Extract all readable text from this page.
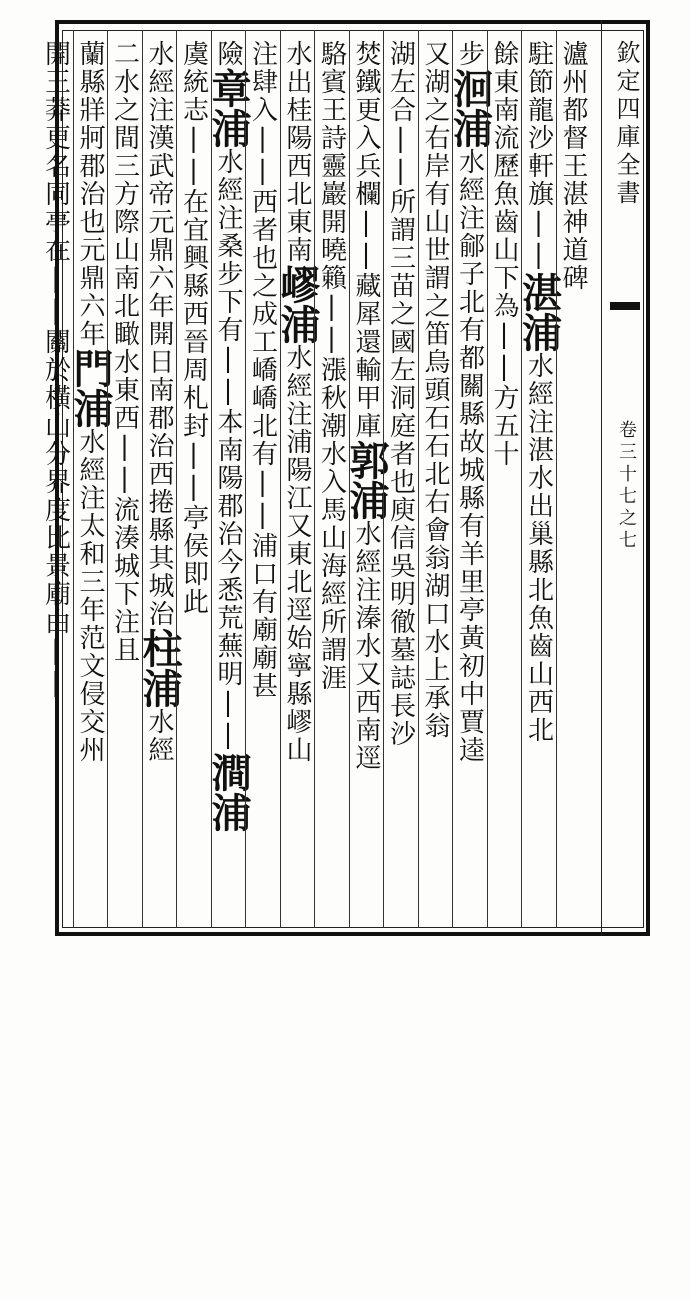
欽定四庫全書
卷三十七之七
瀘州都督王湛神道碑
駐節龍沙軒旗||湛浦水經注湛水出巢縣北魚齒山西北
餘東南流歷魚齒山下為||方五十
步洄浦水經注鄃子北有都關縣故城縣有羊里亭黃初中賈逵
又湖之右岸有山世謂之笛烏頭石石北右會翁湖口水上承翁
湖左合||所謂三苗之國左洞庭者也庾信吳明徹墓誌長沙
焚鐵更入兵欄||藏犀還輸甲庫郭浦水經注溱水又西南逕
駱賓王詩靈巖開曉籟||漲秋潮水入馬山海經所謂涯
水出桂陽西北東南嵺浦水經注浦陽江又東北逕始寧縣嵺山
注肆入||西者也之成工嶠嶠北有||浦口有廟廟甚
險章浦水經注桑步下有||本南陽郡治今悉荒蕪明||澗浦
虞統志||在宜興縣西晉周札封||亭侯即此
水經注漢武帝元鼎六年開日南郡治西捲縣其城治柱浦水經
二水之間三方際山南北瞰水東西||流湊城下注且
蘭縣牂牁郡治也元鼎六年門浦水經注太和三年范文侵交州
開王莽更名同亭在||關於橫山分界度比景廟由||
